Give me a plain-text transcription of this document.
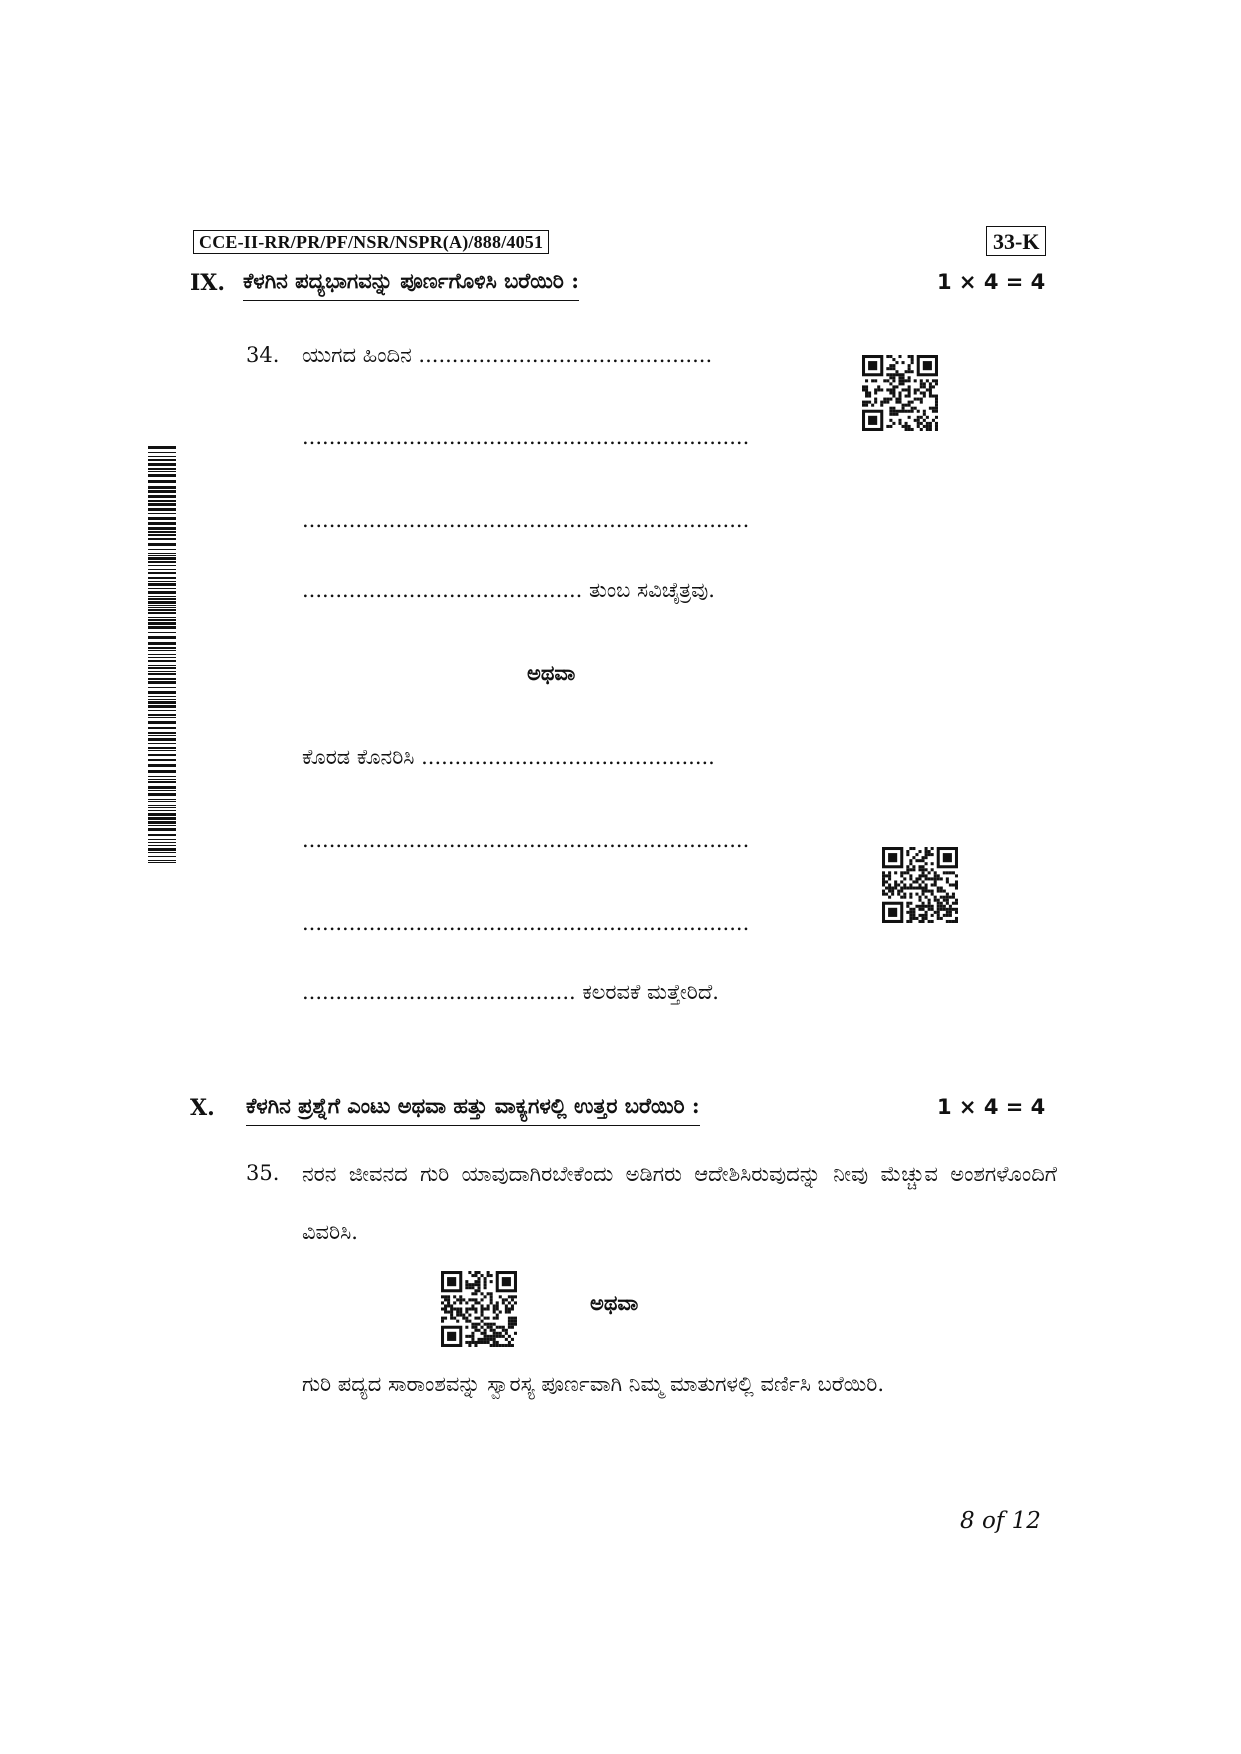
CCE-II-RR/PR/PF/NSR/NSPR(A)/888/4051	33-K
IX. ಕೆಳಗಿನ ಪದ್ಯಭಾಗವನ್ನು ಪೂರ್ಣಗೊಳಿಸಿ ಬರೆಯಿರಿ :	1 × 4 = 4
34. ಯುಗದ ಹಿಂದಿನ ............................................
...................................................................
...................................................................
.......................................... ತುಂಬ ಸವಿಚೈತ್ರವು.
ಅಥವಾ
ಕೊರಡ ಕೊನರಿಸಿ ............................................
...................................................................
...................................................................
......................................... ಕಲರವಕೆ ಮತ್ತೇರಿದೆ.
X. ಕೆಳಗಿನ ಪ್ರಶ್ನೆಗೆ ಎಂಟು ಅಥವಾ ಹತ್ತು ವಾಕ್ಯಗಳಲ್ಲಿ ಉತ್ತರ ಬರೆಯಿರಿ :	1 × 4 = 4
35. ನರನ ಜೀವನದ ಗುರಿ ಯಾವುದಾಗಿರಬೇಕೆಂದು ಅಡಿಗರು ಆದೇಶಿಸಿರುವುದನ್ನು ನೀವು ಮೆಚ್ಚುವ ಅಂಶಗಳೊಂದಿಗೆ ವಿವರಿಸಿ.
ಅಥವಾ
ಗುರಿ ಪದ್ಯದ ಸಾರಾಂಶವನ್ನು ಸ್ವಾರಸ್ಯ ಪೂರ್ಣವಾಗಿ ನಿಮ್ಮ ಮಾತುಗಳಲ್ಲಿ ವರ್ಣಿಸಿ ಬರೆಯಿರಿ.
8 of 12
